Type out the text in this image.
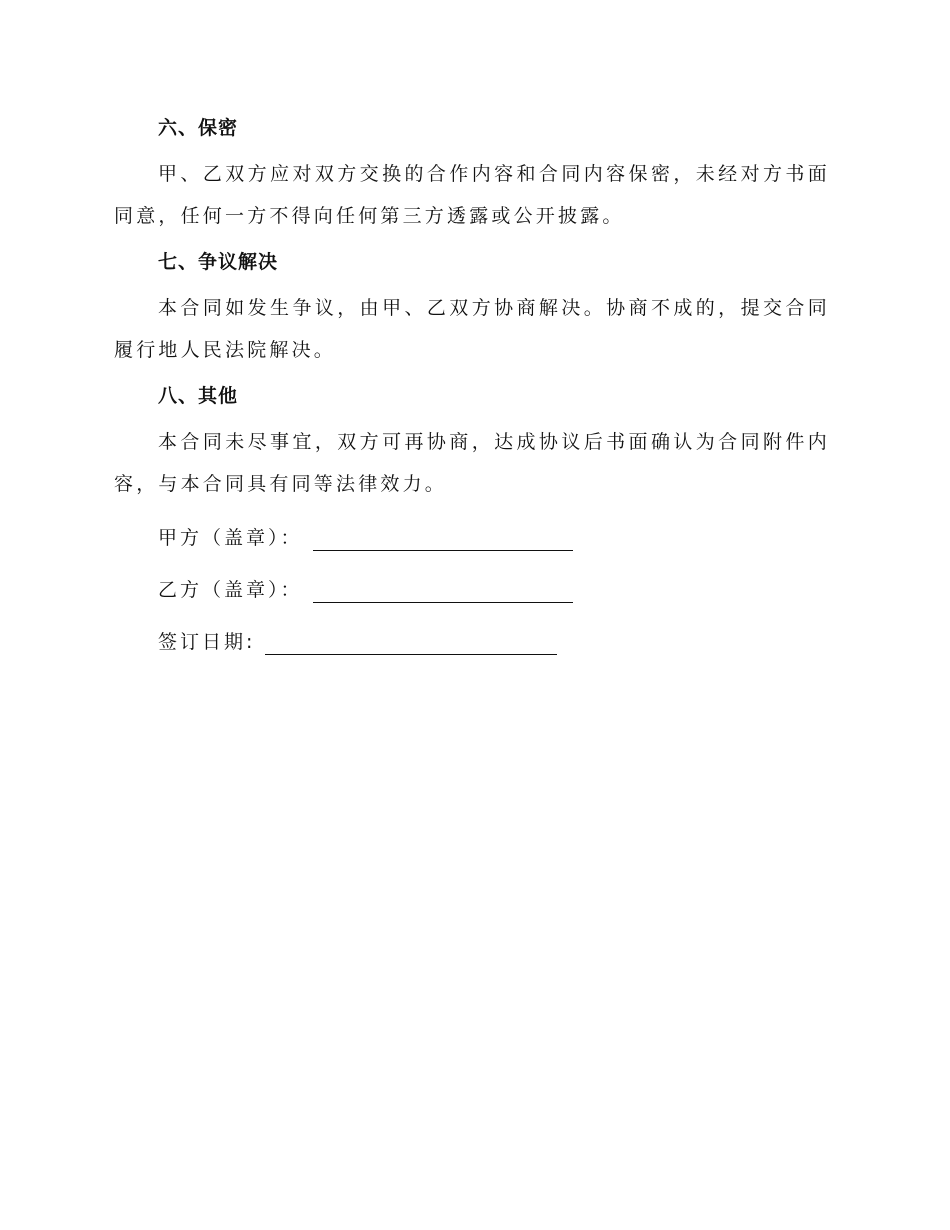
六、保密

甲、乙双方应对双方交换的合作内容和合同内容保密，未经对方书面同意，任何一方不得向任何第三方透露或公开披露。

七、争议解决

本合同如发生争议，由甲、乙双方协商解决。协商不成的，提交合同履行地人民法院解决。

八、其他

本合同未尽事宜，双方可再协商，达成协议后书面确认为合同附件内容，与本合同具有同等法律效力。

甲方（盖章）：
乙方（盖章）：
签订日期:
